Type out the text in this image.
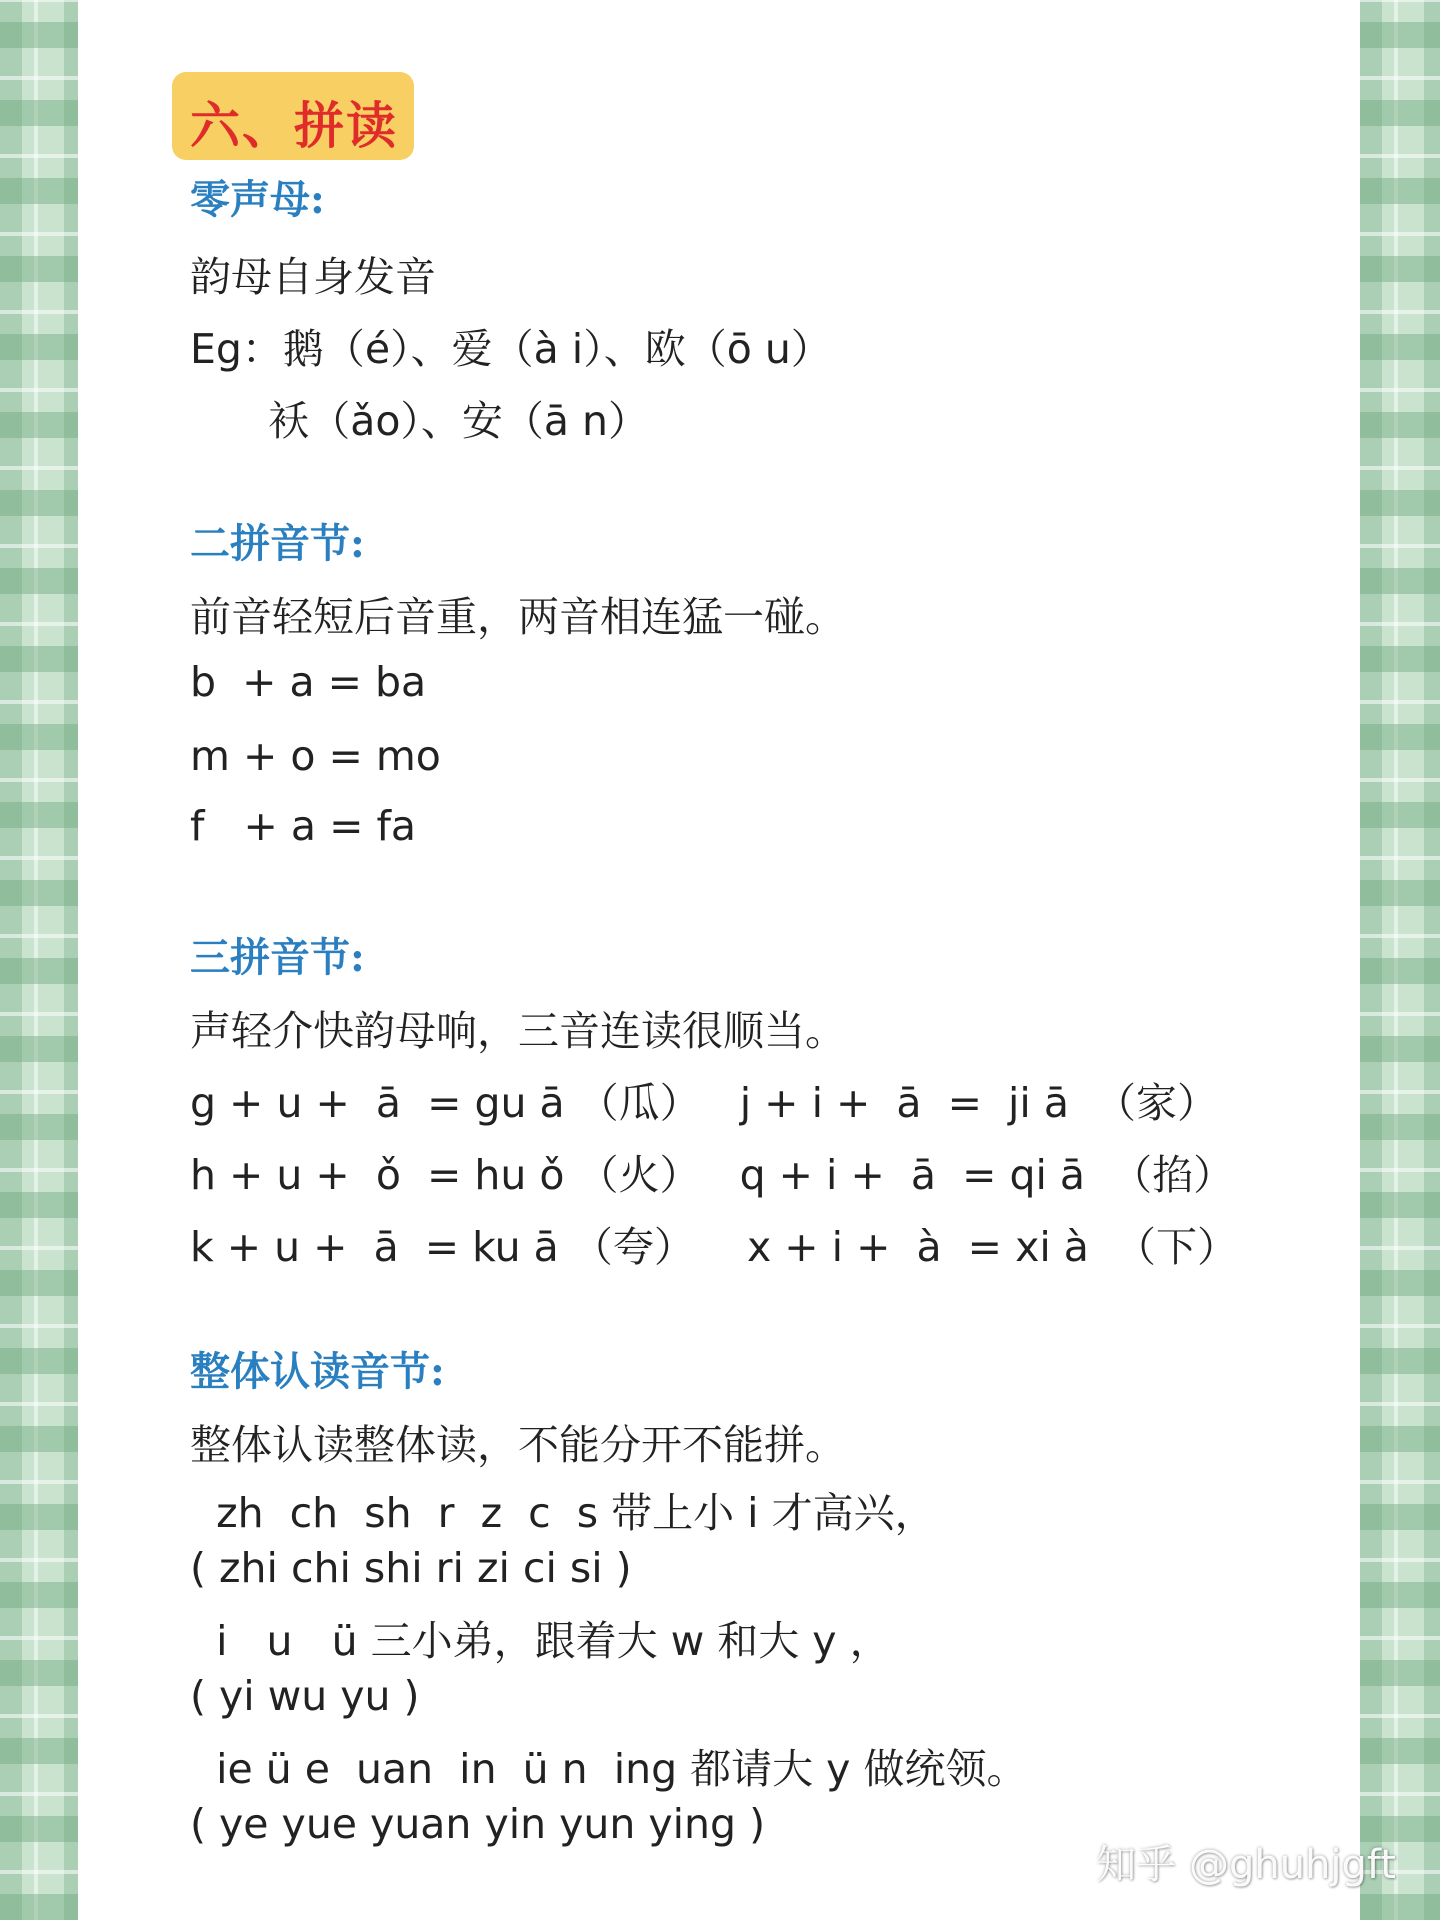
六、拼读
零声母:
韵母自身发音
Eg：鹅（é）、爱（à i）、欧（ō u）
袄（ǎo）、安（ā n）
二拼音节:
前音轻短后音重，两音相连猛一碰。
b  + a = ba
m + o = mo
f   + a = fa
三拼音节:
声轻介快韵母响，三音连读很顺当。
g + u +  ā  = gu ā （瓜）   j + i +  ā  =  ji ā  （家）
h + u +  ǒ  = hu ǒ （火）   q + i +  ā  = qi ā  （掐）
k + u +  ā  = ku ā （夸）    x + i +  à  = xi à  （下）
整体认读音节:
整体认读整体读，不能分开不能拼。
zh  ch  sh  r  z  c  s 带上小 i 才高兴，
( zhi chi shi ri zi ci si )
i   u   ü 三小弟，跟着大 w 和大 y ，
( yi wu yu )
ie ü e  uan  in  ü n  ing 都请大 y 做统领。
( ye yue yuan yin yun ying )
知乎 @ghuhjgft
